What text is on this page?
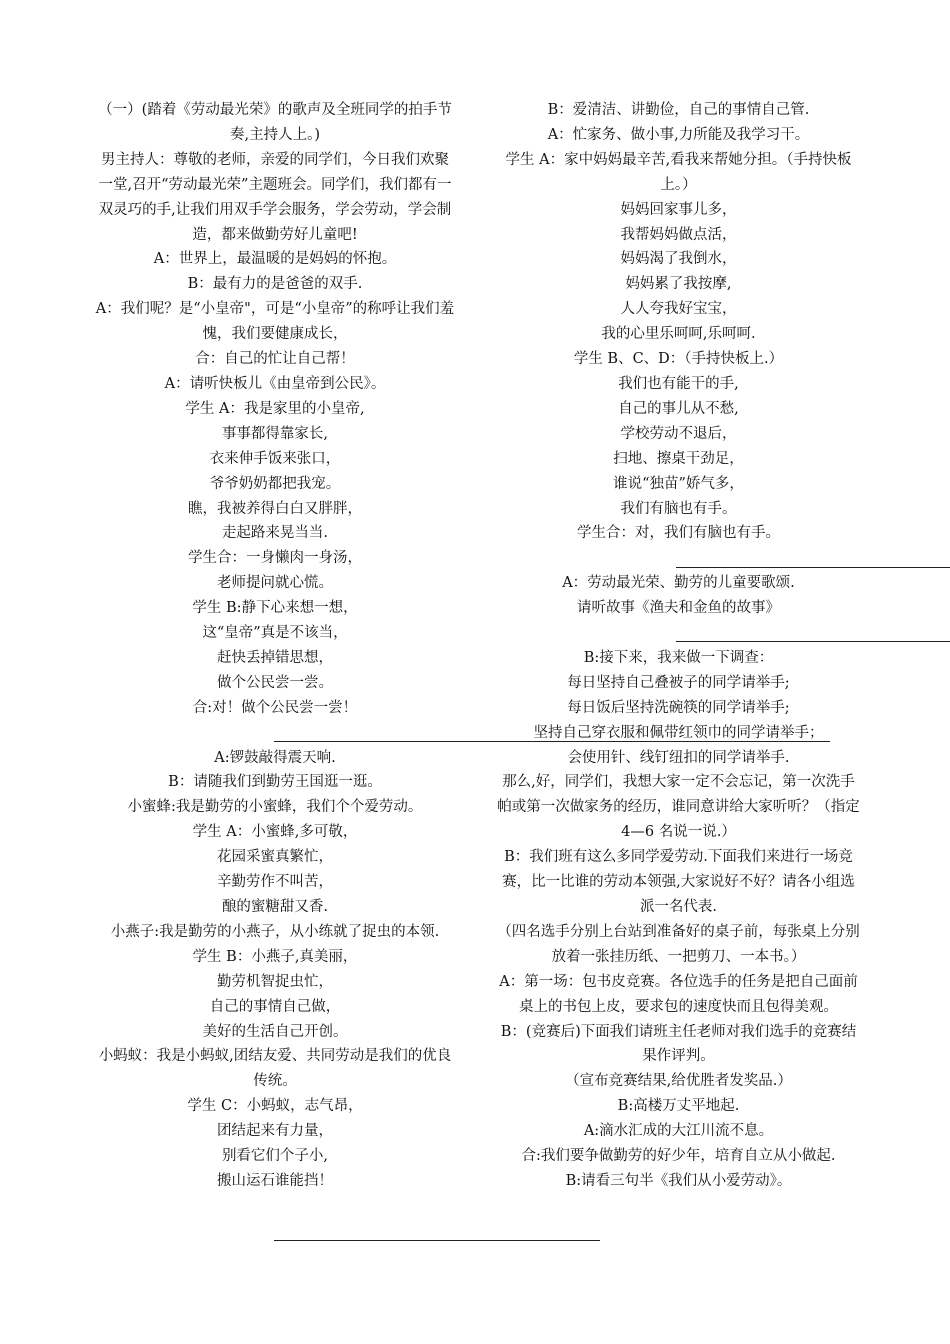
（一）(踏着《劳动最光荣》的歌声及全班同学的拍手节奏,主持人上。)
男主持人：尊敬的老师，亲爱的同学们，今日我们欢聚一堂,召开“劳动最光荣”主题班会。同学们，我们都有一双灵巧的手,让我们用双手学会服务，学会劳动，学会制造，都来做勤劳好儿童吧!
A：世界上，最温暖的是妈妈的怀抱。
B：最有力的是爸爸的双手.
A：我们呢？是“小皇帝"，可是“小皇帝”的称呼让我们羞愧，我们要健康成长，
合：自己的忙让自己帮！
A：请听快板儿《由皇帝到公民》。
学生 A：我是家里的小皇帝,
事事都得靠家长,
衣来伸手饭来张口，
爷爷奶奶都把我宠。
瞧，我被养得白白又胖胖，
走起路来晃当当.
学生合：一身懒肉一身汤，
老师提问就心慌。
学生 B:静下心来想一想，
这“皇帝”真是不该当，
赶快丢掉错思想，
做个公民尝一尝。
合:对！做个公民尝一尝！

A:锣鼓敲得震天响.
B：请随我们到勤劳王国逛一逛。
小蜜蜂:我是勤劳的小蜜蜂，我们个个爱劳动。
学生 A：小蜜蜂,多可敬，
花园采蜜真繁忙，
辛勤劳作不叫苦，
酿的蜜糖甜又香.
小燕子:我是勤劳的小燕子，从小练就了捉虫的本领.
学生 B：小燕子,真美丽，
勤劳机智捉虫忙，
自己的事情自己做，
美好的生活自己开创。
小蚂蚁：我是小蚂蚁,团结友爱、共同劳动是我们的优良传统。
学生 C：小蚂蚁，志气昂，
团结起来有力量，
别看它们个子小,
搬山运石谁能挡！
B：爱清洁、讲勤俭，自己的事情自己管.
A：忙家务、做小事,力所能及我学习干。
学生 A：家中妈妈最辛苦,看我来帮她分担。（手持快板上。）
妈妈回家事儿多，
我帮妈妈做点活，
妈妈渴了我倒水，
妈妈累了我按摩,
人人夸我好宝宝，
我的心里乐呵呵,乐呵呵.
学生 B、C、D：（手持快板上.）
我们也有能干的手,
自己的事儿从不愁,
学校劳动不退后，
扫地、擦桌干劲足，
谁说“独苗”娇气多，
我们有脑也有手。
学生合：对，我们有脑也有手。

A：劳动最光荣、勤劳的儿童要歌颂.
请听故事《渔夫和金鱼的故事》

B:接下来，我来做一下调查：
每日坚持自己叠被子的同学请举手;
每日饭后坚持洗碗筷的同学请举手;
坚持自己穿衣服和佩带红领巾的同学请举手；
会使用针、线钉纽扣的同学请举手.
那么,好，同学们，我想大家一定不会忘记，第一次洗手帕或第一次做家务的经历，谁同意讲给大家听听？（指定 4—6 名说一说.）
B：我们班有这么多同学爱劳动.下面我们来进行一场竞赛，比一比谁的劳动本领强,大家说好不好？请各小组选派一名代表.
（四名选手分别上台站到准备好的桌子前，每张桌上分别放着一张挂历纸、一把剪刀、一本书。）
A：第一场：包书皮竞赛。各位选手的任务是把自己面前桌上的书包上皮，要求包的速度快而且包得美观。
B：(竞赛后)下面我们请班主任老师对我们选手的竞赛结果作评判。
（宣布竞赛结果,给优胜者发奖品.）
B:高楼万丈平地起.
A:滴水汇成的大江川流不息。
合:我们要争做勤劳的好少年，培育自立从小做起.
B:请看三句半《我们从小爱劳动》。
